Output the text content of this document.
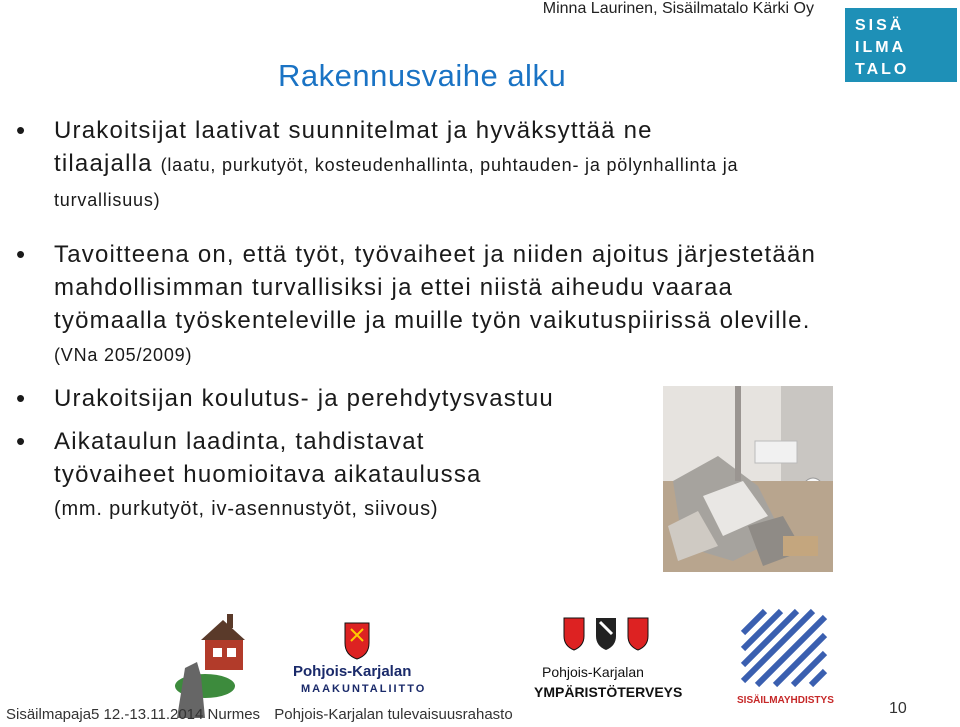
Minna Laurinen, Sisäilmatalo Kärki Oy
SISÄ
ILMA
TALO
Rakennusvaihe alku
• Urakoitsijat laativat suunnitelmat ja hyväksyttää ne tilaajalla (laatu, purkutyöt, kosteudenhallinta, puhtauden- ja pölynhallinta ja turvallisuus)
• Tavoitteena on, että työt, työvaiheet ja niiden ajoitus järjestetään mahdollisimman turvallisiksi ja ettei niistä aiheudu vaaraa työmaalla työskenteleville ja muille työn vaikutuspiirissä oleville. (VNa 205/2009)
• Urakoitsijan koulutus- ja perehdytysvastuu
• Aikataulun laadinta, tahdistavat työvaiheet huomioitava aikataulussa
(mm. purkutyöt, iv-asennustyöt, siivous)
Pohjois-Karjalan
MAAKUNTALIITTO
Pohjois-Karjalan
YMPÄRISTÖTERVEYS
SISÄILMAYHDISTYS
Sisäilmapaja5 12.-13.11.2014 Nurmes Pohjois-Karjalan tulevaisuusrahasto	10
